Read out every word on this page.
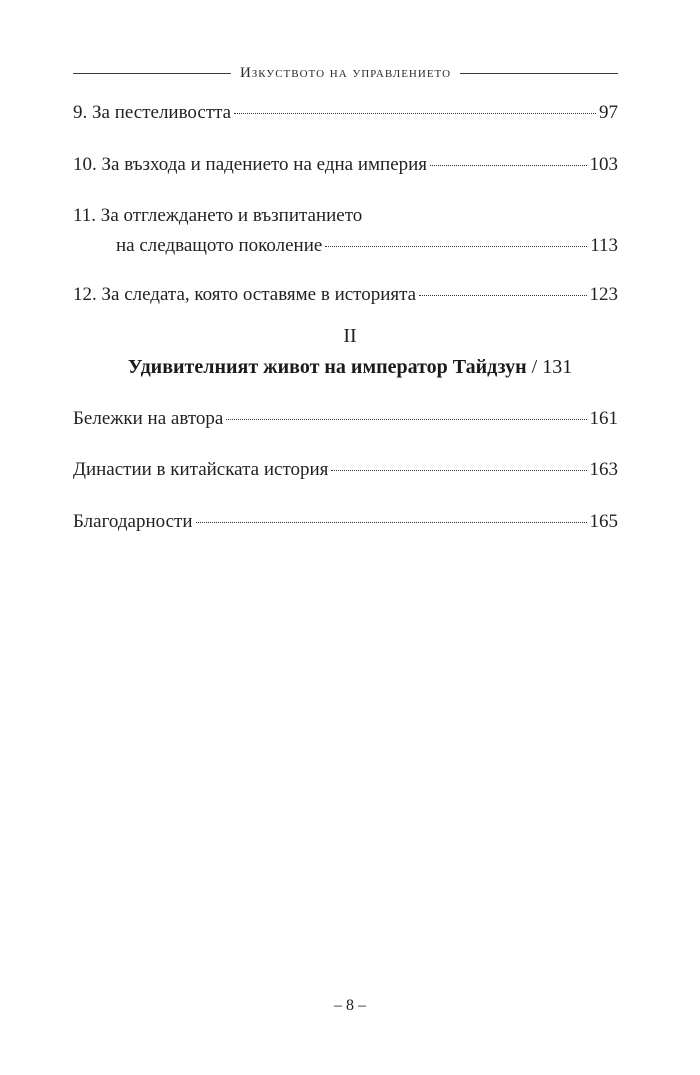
Изкуството на управлението
9. За пестеливостта	97
10. За възхода и падението на една империя	103
11. За отглеждането и възпитанието
на следващото поколение	113
12. За следата, която оставяме в историята	123
II
Удивителният живот на император Тайдзун / 131
Бележки на автора	161
Династии в китайската история	163
Благодарности	165
– 8 –
